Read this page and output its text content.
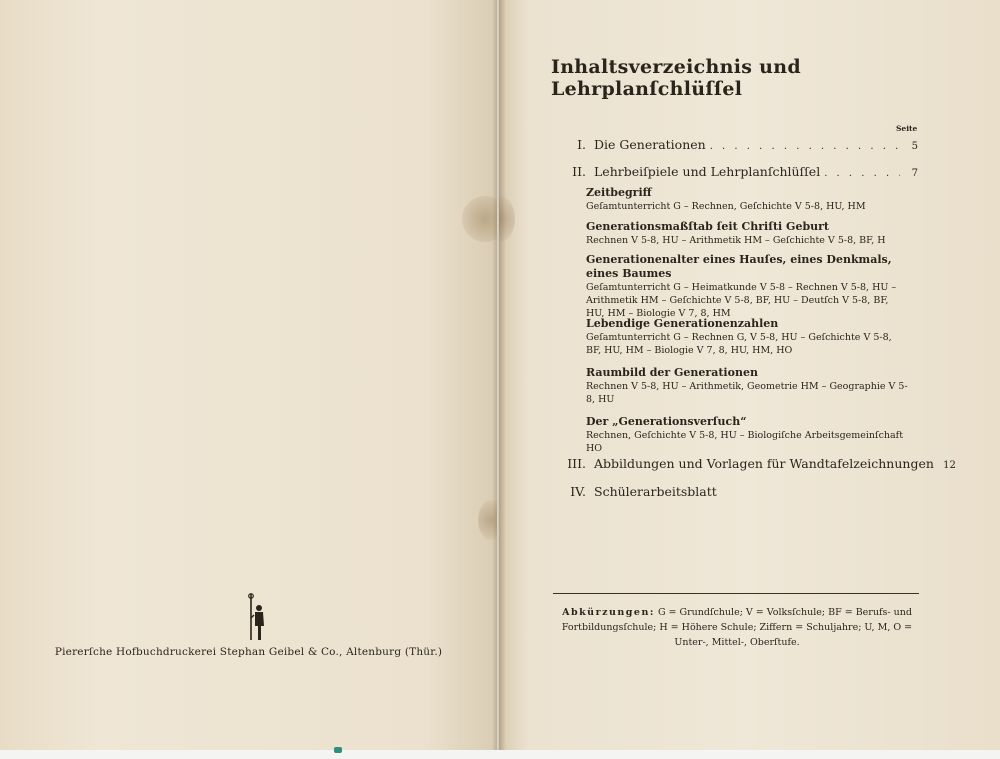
Piererſche Hofbuchdruckerei Stephan Geibel & Co., Altenburg (Thür.)
Inhaltsverzeichnis und Lehrplanſchlüſſel
Seite
I. Die Generationen . . .	5
II. Lehrbeiſpiele und Lehrplanſchlüſſel . . .	7
Zeitbegriff
Geſamtunterricht G – Rechnen, Geſchichte V 5-8, HU, HM
Generationsmaßſtab ſeit Chriſti Geburt
Rechnen V 5-8, HU – Arithmetik HM – Geſchichte V 5-8, BF, H
Generationenalter eines Hauſes, eines Denkmals, eines Baumes
Geſamtunterricht G – Heimatkunde V 5-8 – Rechnen V 5-8, HU – Arithmetik HM – Geſchichte V 5-8, BF, HU – Deutſch V 5-8, BF, HU, HM – Biologie V 7, 8, HM
Lebendige Generationenzahlen
Geſamtunterricht G – Rechnen G, V 5-8, HU – Geſchichte V 5-8, BF, HU, HM – Biologie V 7, 8, HU, HM, HO
Raumbild der Generationen
Rechnen V 5-8, HU – Arithmetik, Geometrie HM – Geographie V 5-8, HU
Der „Generationsverſuch“
Rechnen, Geſchichte V 5-8, HU – Biologiſche Arbeitsgemeinſchaft HO
III. Abbildungen und Vorlagen für Wandtafelzeichnungen 12
IV. Schülerarbeitsblatt
Abkürzungen: G = Grundſchule; V = Volksſchule; BF = Berufs- und Fortbildungsſchule; H = Höhere Schule; Ziffern = Schuljahre; U, M, O = Unter-, Mittel-, Oberſtufe.
